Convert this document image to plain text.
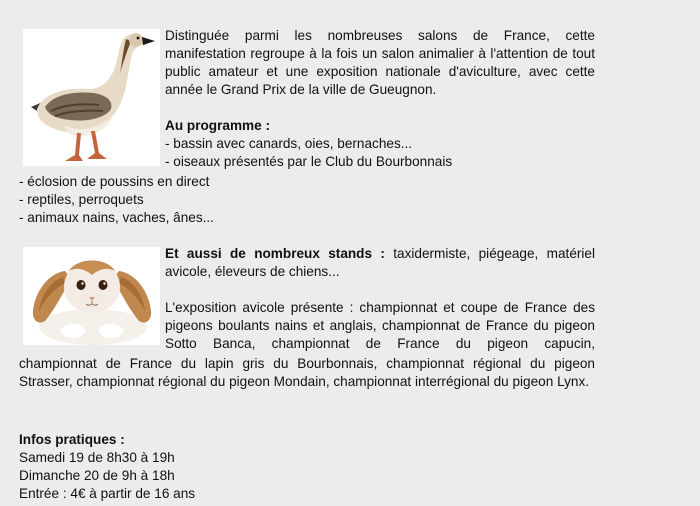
Distinguée parmi les nombreuses salons de France, cette manifestation regroupe à la fois un salon animalier à l'attention de tout public amateur et une exposition nationale d'aviculture, avec cette année le Grand Prix de la ville de Gueugnon.

Au programme :

- bassin avec canards, oies, bernaches...

- oiseaux présentés par le Club du Bourbonnais

- éclosion de poussins en direct

- reptiles, perroquets

- animaux nains, vaches, ânes...

Et aussi de nombreux stands : taxidermiste, piégeage, matériel avicole, éleveurs de chiens...

L'exposition avicole présente : championnat et coupe de France des pigeons boulants nains et anglais, championnat de France du pigeon Sotto Banca, championnat de France du pigeon capucin,

championnat de France du lapin gris du Bourbonnais, championnat régional du pigeon Strasser, championnat régional du pigeon Mondain, championnat interrégional du pigeon Lynx.

Infos pratiques :

Samedi 19 de 8h30 à 19h

Dimanche 20 de 9h à 18h

Entrée : 4€ à partir de 16 ans
